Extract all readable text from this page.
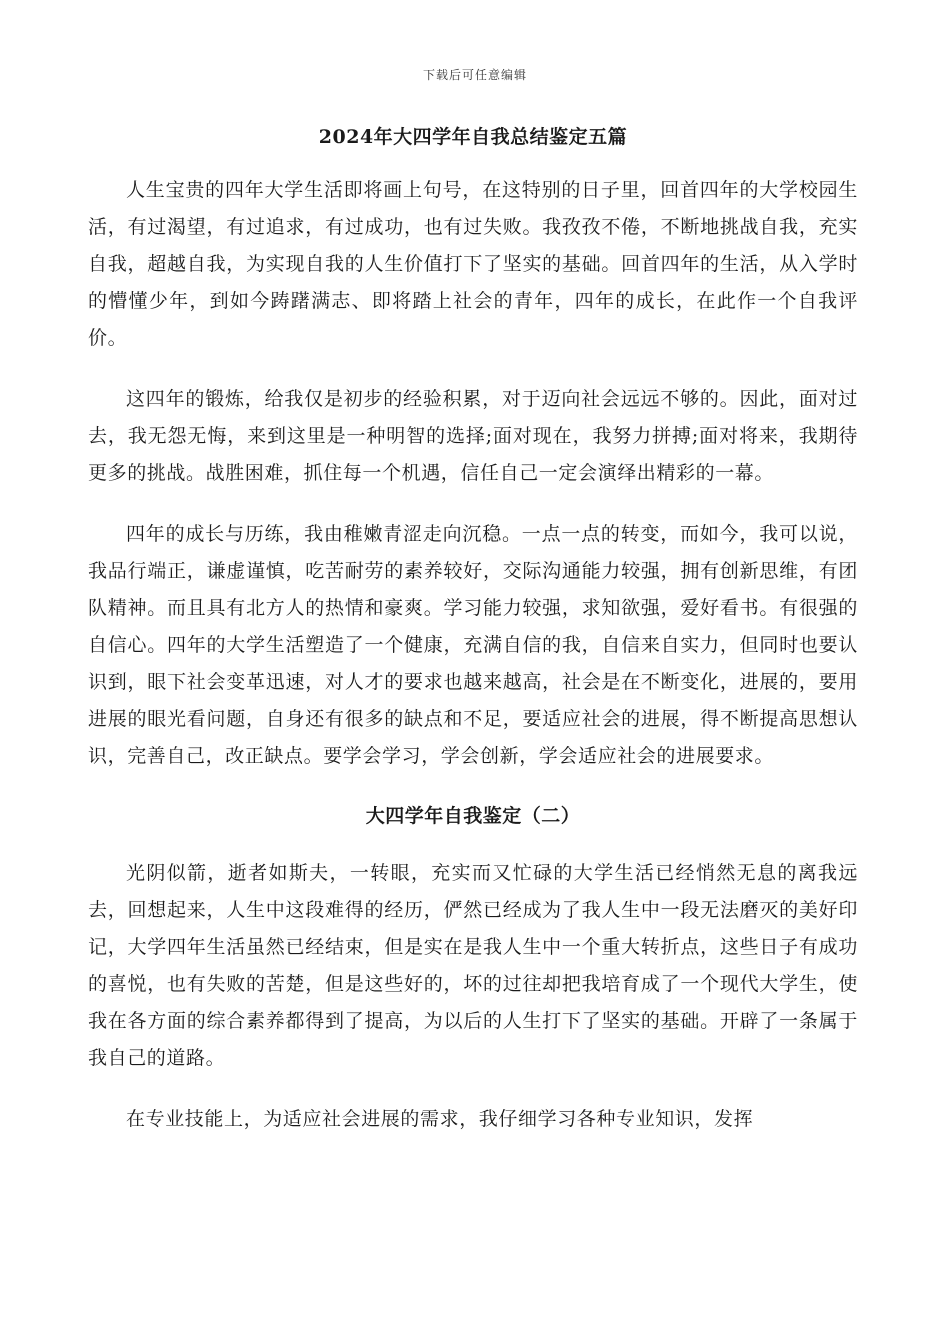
下载后可任意编辑
2024年大四学年自我总结鉴定五篇

人生宝贵的四年大学生活即将画上句号，在这特别的日子里，回首四年的大学校园生活，有过渴望，有过追求，有过成功，也有过失败。我孜孜不倦，不断地挑战自我，充实自我，超越自我，为实现自我的人生价值打下了坚实的基础。回首四年的生活，从入学时的懵懂少年，到如今踌躇满志、即将踏上社会的青年，四年的成长，在此作一个自我评价。

这四年的锻炼，给我仅是初步的经验积累，对于迈向社会远远不够的。因此，面对过去，我无怨无悔，来到这里是一种明智的选择;面对现在，我努力拼搏;面对将来，我期待更多的挑战。战胜困难，抓住每一个机遇，信任自己一定会演绎出精彩的一幕。

四年的成长与历练，我由稚嫩青涩走向沉稳。一点一点的转变，而如今，我可以说，我品行端正，谦虚谨慎，吃苦耐劳的素养较好，交际沟通能力较强，拥有创新思维，有团队精神。而且具有北方人的热情和豪爽。学习能力较强，求知欲强，爱好看书。有很强的自信心。四年的大学生活塑造了一个健康，充满自信的我，自信来自实力，但同时也要认识到，眼下社会变革迅速，对人才的要求也越来越高，社会是在不断变化，进展的，要用进展的眼光看问题，自身还有很多的缺点和不足，要适应社会的进展，得不断提高思想认识，完善自己，改正缺点。要学会学习，学会创新，学会适应社会的进展要求。

大四学年自我鉴定（二）

光阴似箭，逝者如斯夫，一转眼，充实而又忙碌的大学生活已经悄然无息的离我远去，回想起来，人生中这段难得的经历，俨然已经成为了我人生中一段无法磨灭的美好印记，大学四年生活虽然已经结束，但是实在是我人生中一个重大转折点，这些日子有成功的喜悦，也有失败的苦楚，但是这些好的，坏的过往却把我培育成了一个现代大学生，使我在各方面的综合素养都得到了提高，为以后的人生打下了坚实的基础。开辟了一条属于我自己的道路。

在专业技能上，为适应社会进展的需求，我仔细学习各种专业知识，发挥
